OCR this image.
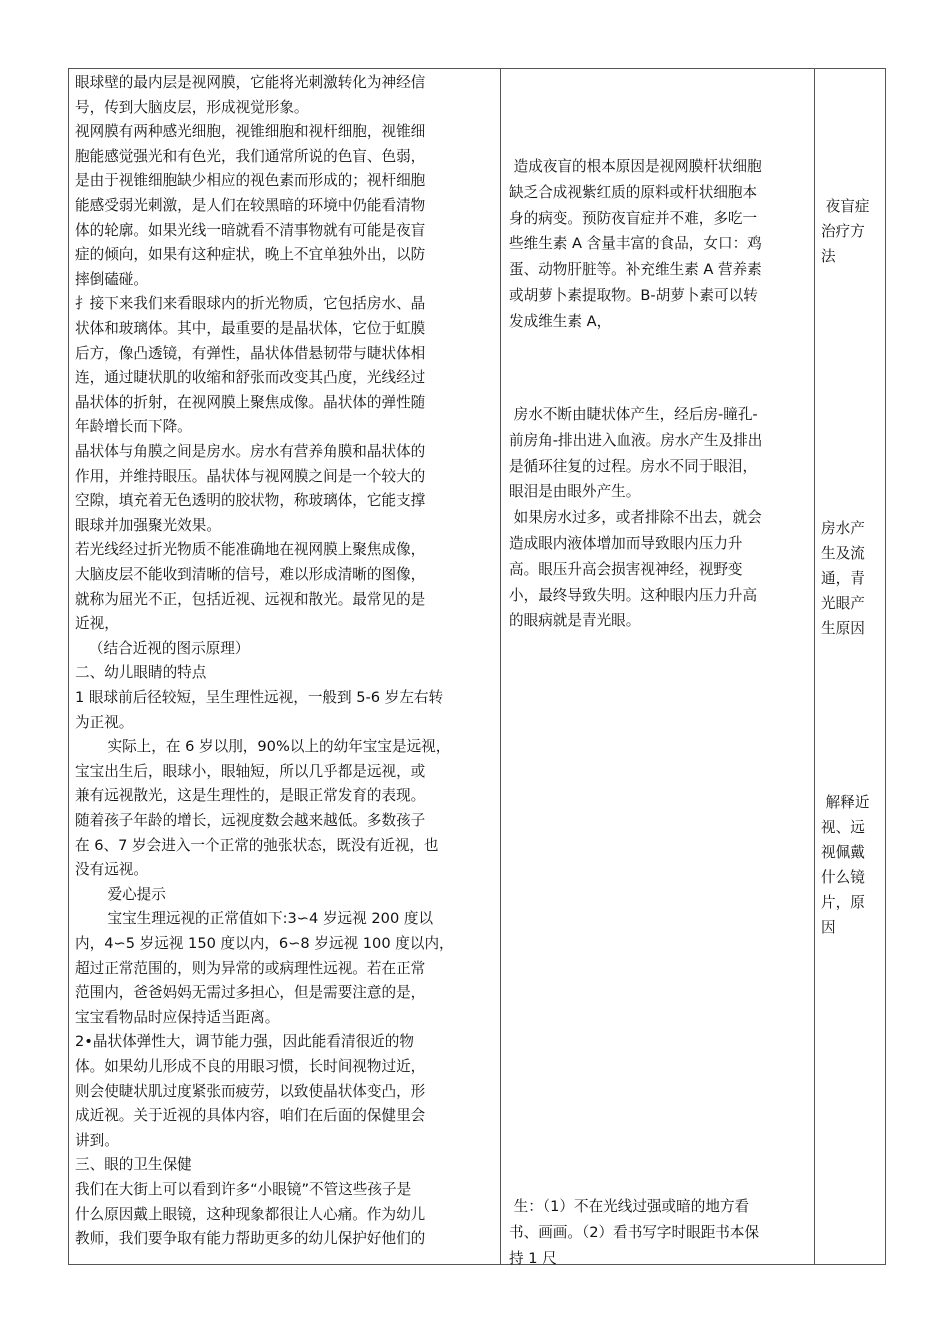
眼球壁的最内层是视网膜，它能将光刺激转化为神经信

号，传到大脑皮层，形成视觉形象。

视网膜有两种感光细胞，视锥细胞和视杆细胞，视锥细

胞能感觉强光和有色光，我们通常所说的色盲、色弱，

是由于视锥细胞缺少相应的视色素而形成的；视杆细胞

能感受弱光刺激，是人们在较黑暗的环境中仍能看清物

体的轮廓。如果光线一暗就看不清事物就有可能是夜盲

症的倾向，如果有这种症状，晚上不宜单独外出，以防

摔倒磕碰。

扌接下来我们来看眼球内的折光物质，它包括房水、晶

状体和玻璃体。其中，最重要的是晶状体，它位于虹膜

后方，像凸透镜，有弹性，晶状体借悬韧带与睫状体相

连，通过睫状肌的收缩和舒张而改变其凸度，光线经过

晶状体的折射，在视网膜上聚焦成像。晶状体的弹性随

年龄增长而下降。

晶状体与角膜之间是房水。房水有营养角膜和晶状体的

作用，并维持眼压。晶状体与视网膜之间是一个较大的

空隙，填充着无色透明的胶状物，称玻璃体，它能支撑

眼球并加强聚光效果。

若光线经过折光物质不能准确地在视网膜上聚焦成像，

大脑皮层不能收到清晰的信号，难以形成清晰的图像，

就称为屈光不正，包括近视、远视和散光。最常见的是

近视，

（结合近视的图示原理）

二、幼儿眼睛的特点

1 眼球前后径较短，呈生理性远视，一般到 5-6 岁左右转

为正视。

实际上，在 6 岁以刖，90%以上的幼年宝宝是远视，

宝宝出生后，眼球小，眼轴短，所以几乎都是远视，或

兼有远视散光，这是生理性的，是眼正常发育的表现。

随着孩子年龄的增长，远视度数会越来越低。多数孩子

在 6、7 岁会进入一个正常的弛张状态，既没有近视，也

没有远视。

爱心提示

宝宝生理远视的正常值如下:3∽4 岁远视 200 度以

内，4∽5 岁远视 150 度以内，6∽8 岁远视 100 度以内，

超过正常范围的，则为异常的或病理性远视。若在正常

范围内，爸爸妈妈无需过多担心，但是需要注意的是，

宝宝看物品时应保持适当距离。

2•晶状体弹性大，调节能力强，因此能看清很近的物

体。如果幼儿形成不良的用眼习惯，长时间视物过近，

则会使睫状肌过度紧张而疲劳，以致使晶状体变凸，形

成近视。关于近视的具体内容，咱们在后面的保健里会

讲到。

三、眼的卫生保健

我们在大街上可以看到许多“小眼镜”不管这些孩子是

什么原因戴上眼镜，这种现象都很让人心痛。作为幼儿

教师，我们要争取有能力帮助更多的幼儿保护好他们的

造成夜盲的根本原因是视网膜杆状细胞

缺乏合成视紫红质的原料或杆状细胞本

身的病变。预防夜盲症并不难，多吃一

些维生素 A 含量丰富的食品，女口：鸡

蛋、动物肝脏等。补充维生素 A 营养素

或胡萝卜素提取物。B-胡萝卜素可以转

发成维生素 A，

房水不断由睫状体产生，经后房-瞳孔-

前房角-排出进入血液。房水产生及排出

是循环往复的过程。房水不同于眼泪，

眼泪是由眼外产生。

如果房水过多，或者排除不出去，就会

造成眼内液体增加而导致眼内压力升

高。眼压升高会损害视神经，视野变

小，最终导致失明。这种眼内压力升高

的眼病就是青光眼。

生：（1）不在光线过强或暗的地方看

书、画画。（2）看书写字时眼距书本保

持 1 尺

夜盲症

治疗方

法

房水产

生及流

通，青

光眼产

生原因

解释近

视、远

视佩戴

什么镜

片，原

因
